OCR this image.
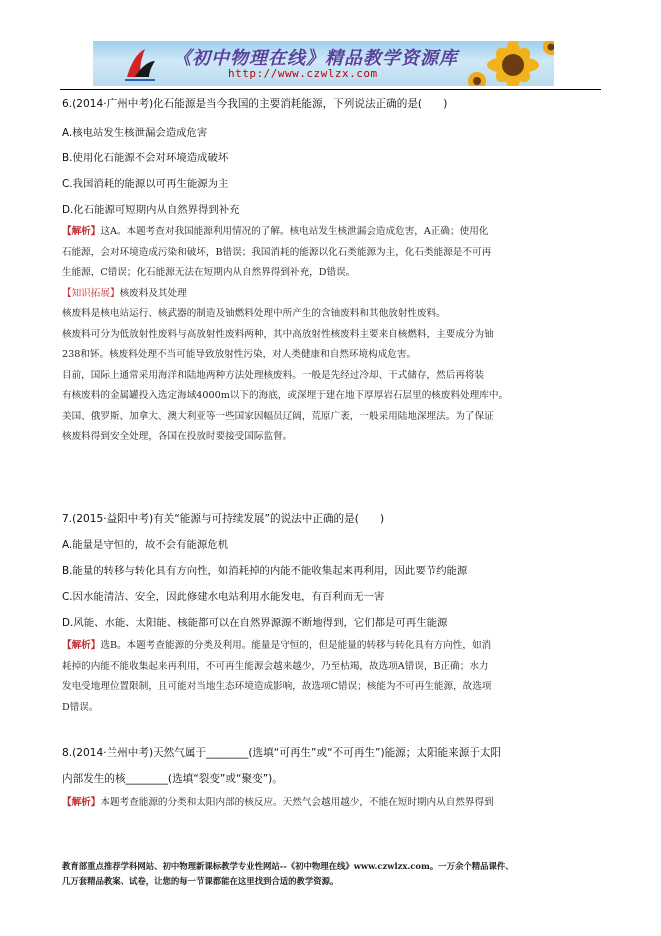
《初中物理在线》精品教学资源库
http://www.czwlzx.com
6.(2014·广州中考)化石能源是当今我国的主要消耗能源，下列说法正确的是(　　)
A.核电站发生核泄漏会造成危害
B.使用化石能源不会对环境造成破坏
C.我国消耗的能源以可再生能源为主
D.化石能源可短期内从自然界得到补充

【解析】这A。本题考查对我国能源利用情况的了解。核电站发生核泄漏会造成危害，A正确；使用化

石能源，会对环境造成污染和破坏，B错误；我国消耗的能源以化石类能源为主，化石类能源是不可再

生能源，C错误；化石能源无法在短期内从自然界得到补充，D错误。

【知识拓展】核废料及其处理

核废料是核电站运行、核武器的制造及铀燃料处理中所产生的含铀废料和其他放射性废料。

核废料可分为低放射性废料与高放射性废料两种，其中高放射性核废料主要来自核燃料，主要成分为铀

238和钚。核废料处理不当可能导致放射性污染，对人类健康和自然环境构成危害。

目前，国际上通常采用海洋和陆地两种方法处理核废料。一般是先经过冷却、干式储存，然后再将装

有核废料的金属罐投入选定海域4000m以下的海底，或深埋于建在地下厚厚岩石层里的核废料处理库中。

美国、俄罗斯、加拿大、澳大利亚等一些国家因幅员辽阔，荒原广袤，一般采用陆地深埋法。为了保证

核废料得到安全处理，各国在投放时要接受国际监督。

7.(2015·益阳中考)有关“能源与可持续发展”的说法中正确的是(　　)
A.能量是守恒的，故不会有能源危机
B.能量的转移与转化具有方向性，如消耗掉的内能不能收集起来再利用，因此要节约能源
C.因水能清洁、安全，因此修建水电站利用水能发电，有百利而无一害
D.风能、水能、太阳能、核能都可以在自然界源源不断地得到，它们都是可再生能源

【解析】选B。本题考查能源的分类及利用。能量是守恒的，但是能量的转移与转化具有方向性，如消

耗掉的内能不能收集起来再利用，不可再生能源会越来越少，乃至枯竭，故选项A错误，B正确；水力

发电受地理位置限制，且可能对当地生态环境造成影响，故选项C错误；核能为不可再生能源，故选项

D错误。

8.(2014·兰州中考)天然气属于________(选填“可再生”或“不可再生”)能源；太阳能来源于太阳
内部发生的核________(选填“裂变”或“聚变”)。

【解析】本题考查能源的分类和太阳内部的核反应。天然气会越用越少，不能在短时期内从自然界得到

教育部重点推荐学科网站、初中物理新课标教学专业性网站--《初中物理在线》www.czwlzx.com。一万余个精品课件、

几万套精品教案、试卷，让您的每一节课都能在这里找到合适的教学资源。
